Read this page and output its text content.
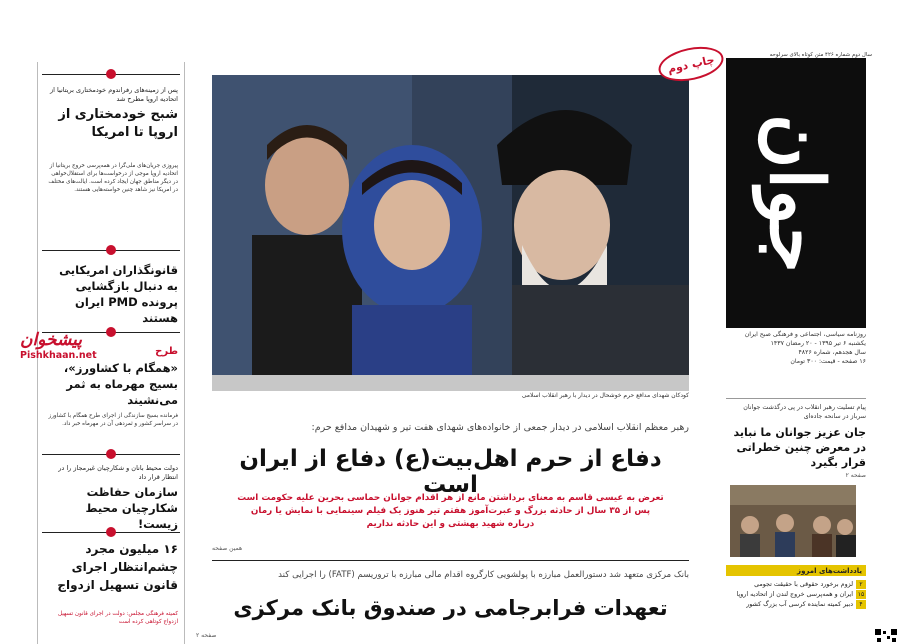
پس از زمینه‌های رفراندوم خودمختاری بریتانیا از اتحادیه اروپا مطرح شد
شبح خودمختاری از اروپا تا امریکا
پیروزی جریان‌های ملی‌گرا در همه‌پرسی خروج بریتانیا از اتحادیه اروپا موجی از درخواست‌ها برای استقلال‌خواهی در دیگر مناطق جهان ایجاد کرده است. ایالت‌های مختلف در امریکا نیز شاهد چنین خواسته‌هایی هستند.
قانونگذاران امریکایی به دنبال بازگشایی پرونده PMD ایران هستند
طرح
«همگام با کشاورز»، بسیج مهرماه به ثمر می‌نشیند
فرمانده بسیج سازندگی از اجرای طرح همگام با کشاورز در سراسر کشور و ثمردهی آن در مهرماه خبر داد.
دولت محیط بانان و شکارچیان غیرمجاز را در انتظار قرار داد
سازمان حفاظت شکارچیان محیط زیست!
۱۶ میلیون مجرد چشم‌انتظار اجرای قانون تسهیل ازدواج
کمیته فرهنگی مجلس: دولت در اجرای قانون تسهیل ازدواج کوتاهی کرده است
پیشخوان
Pishkhaan.net
کودکان شهدای مدافع حرم خوشحال در دیدار با رهبر انقلاب اسلامی
چاپ دوم
رهبر معظم انقلاب اسلامی در دیدار جمعی از خانواده‌های شهدای هفت تیر و شهیدان مدافع حرم:
دفاع از حرم اهل‌بیت(ع) دفاع از ایران است
تعرض به عیسی قاسم به معنای برداشتن مانع از هر اقدام جوانان حماسی بحرین علیه حکومت است
پس از ۳۵ سال از حادثه بزرگ و عبرت‌آموز هفتم تیر هنوز یک فیلم سینمایی با نمایش یا رمان
درباره شهید بهشتی و این حادثه نداریم
همین صفحه
بانک مرکزی متعهد شد دستورالعمل مبارزه با پولشویی کارگروه اقدام مالی مبارزه با تروریسم (FATF) را اجرایی کند
تعهدات فرابرجامی در صندوق بانک مرکزی
صفحه ۲
سال دوم شماره ۴۲۶ متن کوتاه بالای سرلوحه
جوان
روزنامه سیاسی، اجتماعی و فرهنگی صبح ایران
یکشنبه ۶ تیر ۱۳۹۵ - ۲۰ رمضان ۱۴۳۷
سال هجدهم، شماره ۴۸۲۶
۱۶ صفحه - قیمت: ۳۰۰ تومان
پیام تسلیت رهبر انقلاب در پی درگذشت جوانان سرباز در سانحه جاده‌ای
جان عزیز جوانان ما نباید در معرض چنین خطراتی قرار بگیرد
صفحه ۲
یادداشت‌های امروز
۲لزوم برخورد حقوقی با حقیقت تجومی
۱۵ایران و همه‌پرسی خروج لندن از اتحادیه اروپا
۴دبیر کمیته نماینده کرسی آب بزرگ کشور
